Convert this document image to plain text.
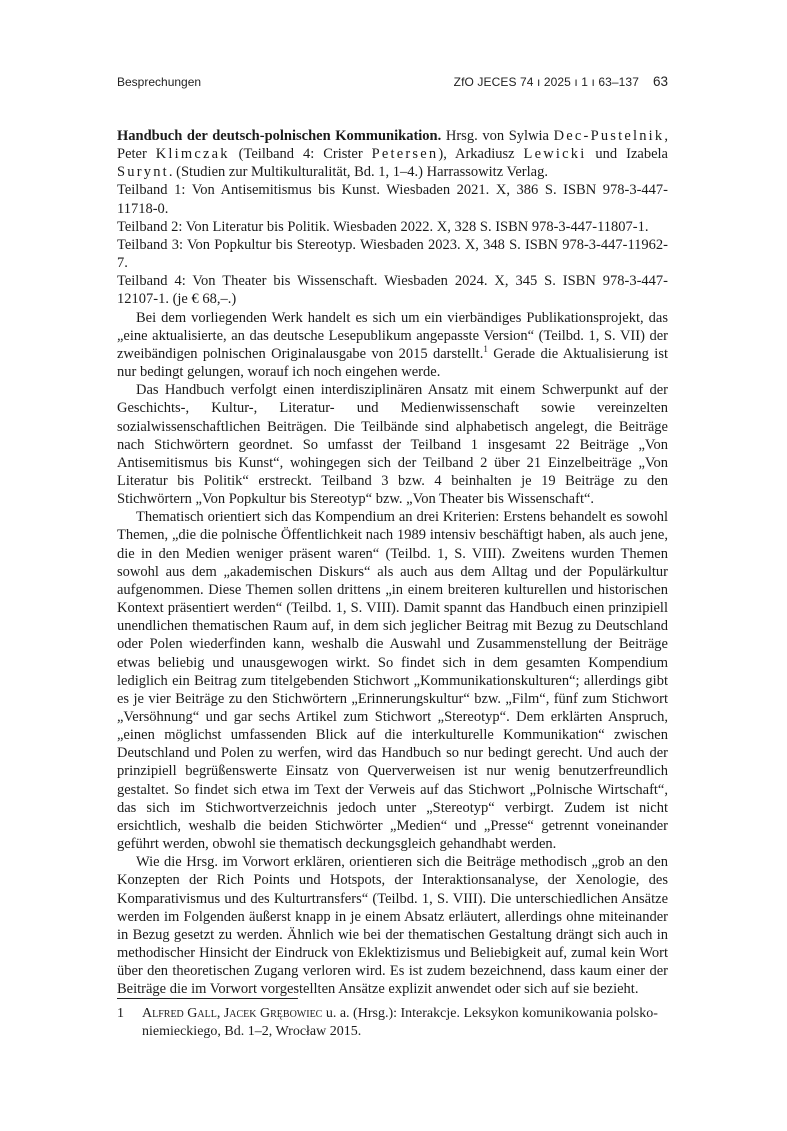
Besprechungen	ZfO JECES 74 ı 2025 ı 1 ı 63–137 63

Handbuch der deutsch-polnischen Kommunikation. Hrsg. von Sylwia Dec-Pustelnik, Peter Klimczak (Teilband 4: Crister Petersen), Arkadiusz Lewicki und Izabela Surynt. (Studien zur Multikulturalität, Bd. 1, 1–4.) Harrassowitz Verlag.

Teilband 1: Von Antisemitismus bis Kunst. Wiesbaden 2021. X, 386 S. ISBN 978-3-447-11718-0.

Teilband 2: Von Literatur bis Politik. Wiesbaden 2022. X, 328 S. ISBN 978-3-447-11807-1.

Teilband 3: Von Popkultur bis Stereotyp. Wiesbaden 2023. X, 348 S. ISBN 978-3-447-11962-7.

Teilband 4: Von Theater bis Wissenschaft. Wiesbaden 2024. X, 345 S. ISBN 978-3-447-12107-1. (je € 68,–.)

Bei dem vorliegenden Werk handelt es sich um ein vierbändiges Publikationsprojekt, das „eine aktualisierte, an das deutsche Lesepublikum angepasste Version“ (Teilbd. 1, S. VII) der zweibändigen polnischen Originalausgabe von 2015 darstellt.$^1$ Gerade die Aktualisierung ist nur bedingt gelungen, worauf ich noch eingehen werde.

Das Handbuch verfolgt einen interdisziplinären Ansatz mit einem Schwerpunkt auf der Geschichts-, Kultur-, Literatur- und Medienwissenschaft sowie vereinzelten sozialwissenschaftlichen Beiträgen. Die Teilbände sind alphabetisch angelegt, die Beiträge nach Stichwörtern geordnet. So umfasst der Teilband 1 insgesamt 22 Beiträge „Von Antisemitismus bis Kunst“, wohingegen sich der Teilband 2 über 21 Einzelbeiträge „Von Literatur bis Politik“ erstreckt. Teilband 3 bzw. 4 beinhalten je 19 Beiträge zu den Stichwörtern „Von Popkultur bis Stereotyp“ bzw. „Von Theater bis Wissenschaft“.

Thematisch orientiert sich das Kompendium an drei Kriterien: Erstens behandelt es sowohl Themen, „die die polnische Öffentlichkeit nach 1989 intensiv beschäftigt haben, als auch jene, die in den Medien weniger präsent waren“ (Teilbd. 1, S. VIII). Zweitens wurden Themen sowohl aus dem „akademischen Diskurs“ als auch aus dem Alltag und der Populärkultur aufgenommen. Diese Themen sollen drittens „in einem breiteren kulturellen und historischen Kontext präsentiert werden“ (Teilbd. 1, S. VIII). Damit spannt das Handbuch einen prinzipiell unendlichen thematischen Raum auf, in dem sich jeglicher Beitrag mit Bezug zu Deutschland oder Polen wiederfinden kann, weshalb die Auswahl und Zusammenstellung der Beiträge etwas beliebig und unausgewogen wirkt. So findet sich in dem gesamten Kompendium lediglich ein Beitrag zum titelgebenden Stichwort „Kommunikationskulturen“; allerdings gibt es je vier Beiträge zu den Stichwörtern „Erinnerungskultur“ bzw. „Film“, fünf zum Stichwort „Versöhnung“ und gar sechs Artikel zum Stichwort „Stereotyp“. Dem erklärten Anspruch, „einen möglichst umfassenden Blick auf die interkulturelle Kommunikation“ zwischen Deutschland und Polen zu werfen, wird das Handbuch so nur bedingt gerecht. Und auch der prinzipiell begrüßenswerte Einsatz von Querverweisen ist nur wenig benutzerfreundlich gestaltet. So findet sich etwa im Text der Verweis auf das Stichwort „Polnische Wirtschaft“, das sich im Stichwortverzeichnis jedoch unter „Stereotyp“ verbirgt. Zudem ist nicht ersichtlich, weshalb die beiden Stichwörter „Medien“ und „Presse“ getrennt voneinander geführt werden, obwohl sie thematisch deckungsgleich gehandhabt werden.

Wie die Hrsg. im Vorwort erklären, orientieren sich die Beiträge methodisch „grob an den Konzepten der Rich Points und Hotspots, der Interaktionsanalyse, der Xenologie, des Komparativismus und des Kulturtransfers“ (Teilbd. 1, S. VIII). Die unterschiedlichen Ansätze werden im Folgenden äußerst knapp in je einem Absatz erläutert, allerdings ohne miteinander in Bezug gesetzt zu werden. Ähnlich wie bei der thematischen Gestaltung drängt sich auch in methodischer Hinsicht der Eindruck von Eklektizismus und Beliebigkeit auf, zumal kein Wort über den theoretischen Zugang verloren wird. Es ist zudem bezeichnend, dass kaum einer der Beiträge die im Vorwort vorgestellten Ansätze explizit anwendet oder sich auf sie bezieht.

1	Alfred Gall, Jacek Grębowiec u. a. (Hrsg.): Interakcje. Leksykon komunikowania polsko-niemieckiego, Bd. 1–2, Wrocław 2015.
